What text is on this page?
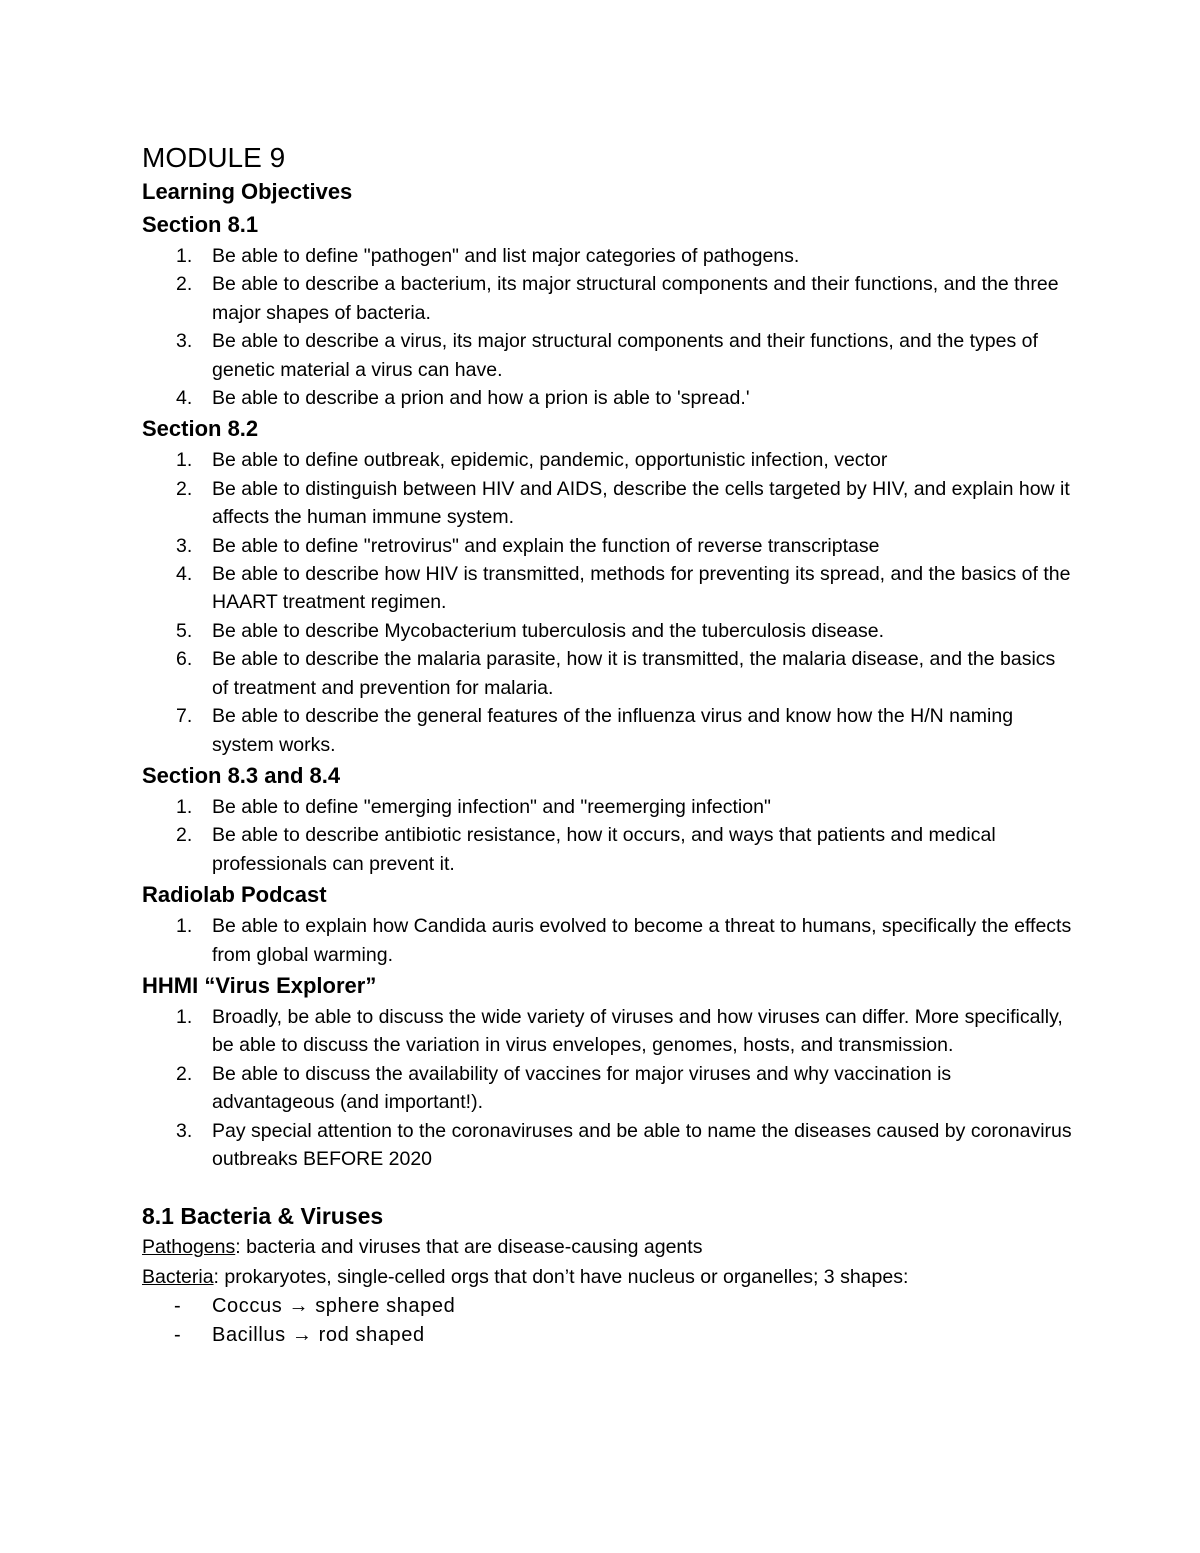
MODULE 9
Learning Objectives
Section 8.1
1. Be able to define "pathogen" and list major categories of pathogens.
2. Be able to describe a bacterium, its major structural components and their functions, and the three major shapes of bacteria.
3. Be able to describe a virus, its major structural components and their functions, and the types of genetic material a virus can have.
4. Be able to describe a prion and how a prion is able to 'spread.'
Section 8.2
1. Be able to define outbreak, epidemic, pandemic, opportunistic infection, vector
2. Be able to distinguish between HIV and AIDS, describe the cells targeted by HIV, and explain how it affects the human immune system.
3. Be able to define "retrovirus" and explain the function of reverse transcriptase
4. Be able to describe how HIV is transmitted, methods for preventing its spread, and the basics of the HAART treatment regimen.
5. Be able to describe Mycobacterium tuberculosis and the tuberculosis disease.
6. Be able to describe the malaria parasite, how it is transmitted, the malaria disease, and the basics of treatment and prevention for malaria.
7. Be able to describe the general features of the influenza virus and know how the H/N naming system works.
Section 8.3 and 8.4
1. Be able to define "emerging infection" and "reemerging infection"
2. Be able to describe antibiotic resistance, how it occurs, and ways that patients and medical professionals can prevent it.
Radiolab Podcast
1. Be able to explain how Candida auris evolved to become a threat to humans, specifically the effects from global warming.
HHMI “Virus Explorer”
1. Broadly, be able to discuss the wide variety of viruses and how viruses can differ. More specifically, be able to discuss the variation in virus envelopes, genomes, hosts, and transmission.
2. Be able to discuss the availability of vaccines for major viruses and why vaccination is advantageous (and important!).
3. Pay special attention to the coronaviruses and be able to name the diseases caused by coronavirus outbreaks BEFORE 2020
8.1 Bacteria & Viruses

Pathogens: bacteria and viruses that are disease-causing agents

Bacteria: prokaryotes, single-celled orgs that don’t have nucleus or organelles; 3 shapes:

- Coccus → sphere shaped
- Bacillus → rod shaped
